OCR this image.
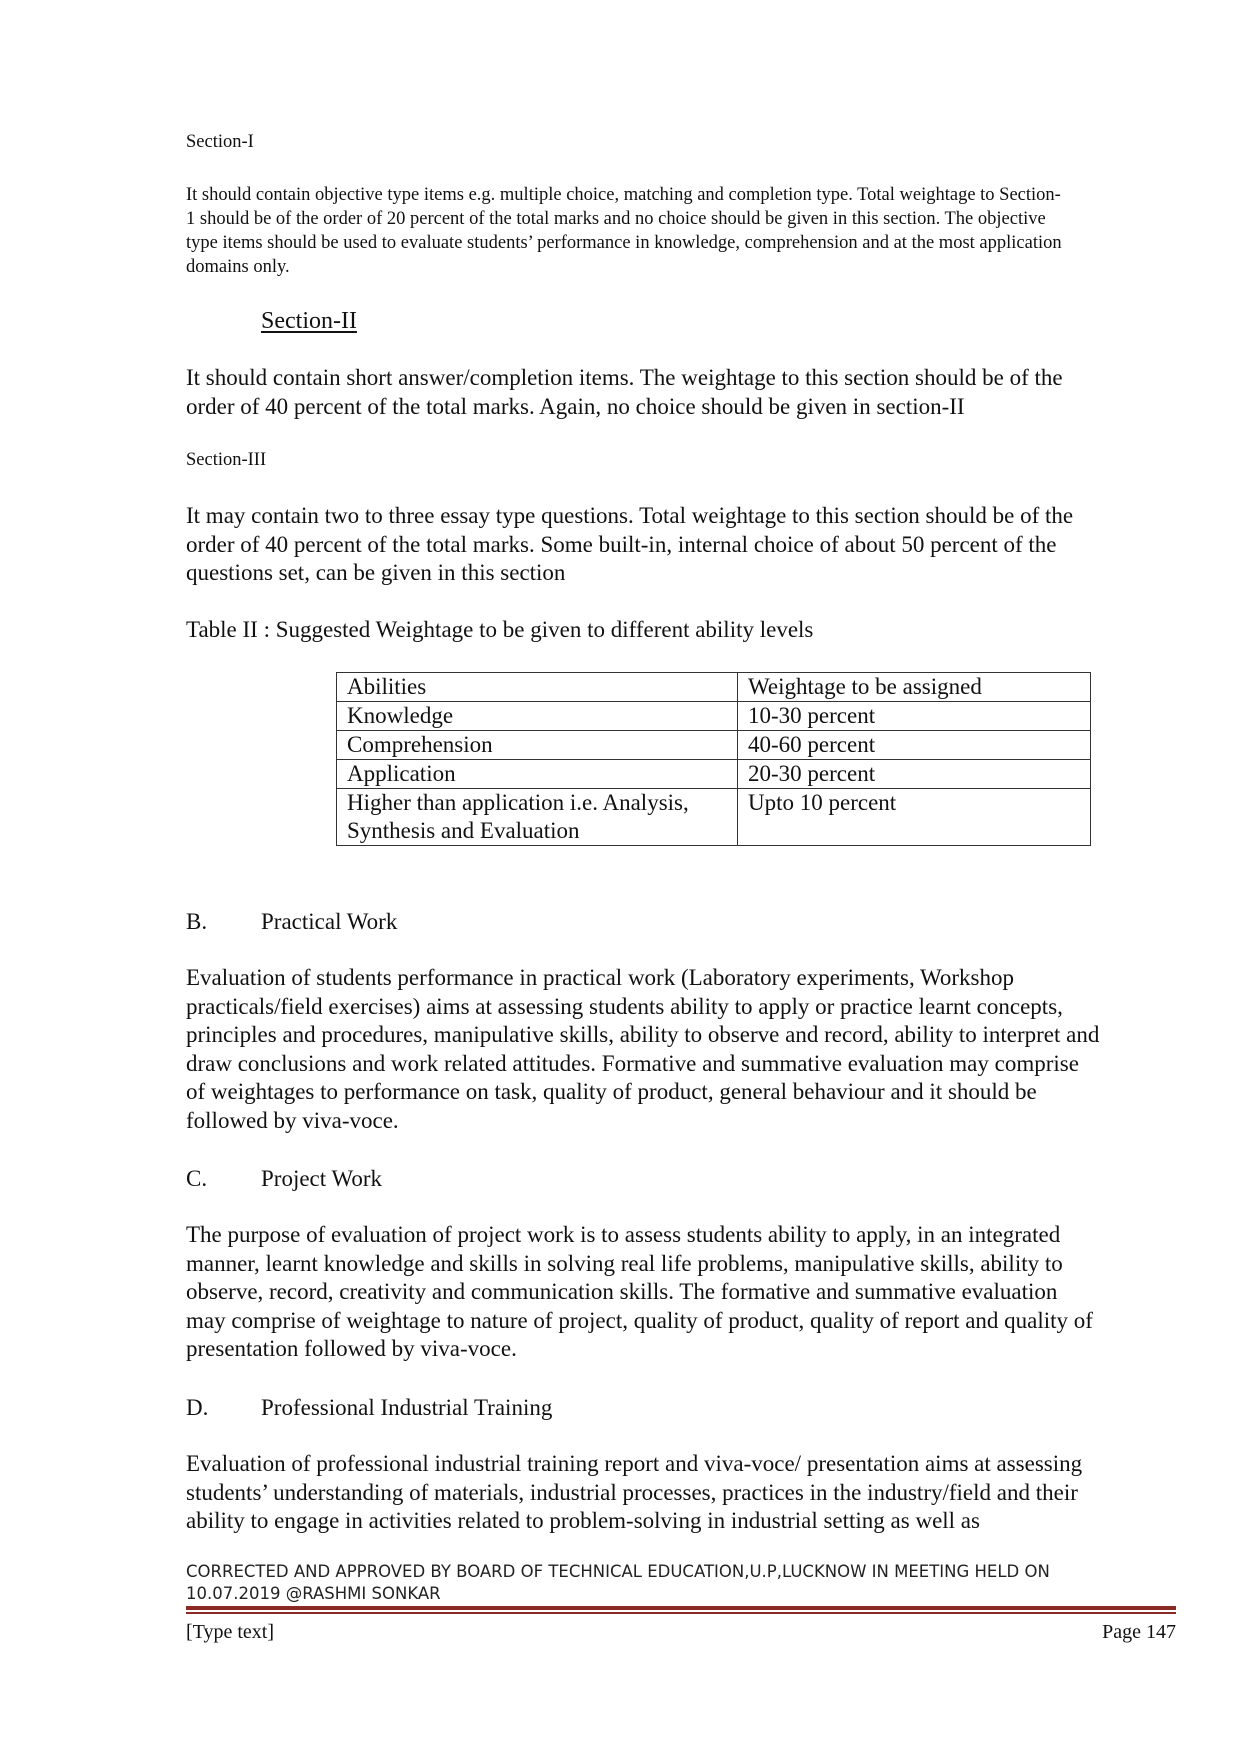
Section-I
It should contain objective type items e.g. multiple choice, matching and completion type. Total weightage to Section-
1 should be of the order of 20 percent of the total marks and no choice should be given in this section. The objective
type items should be used to evaluate students’ performance in knowledge, comprehension and at the most application
domains only.
Section-II
It should contain short answer/completion items. The weightage to this section should be of the
order of 40 percent of the total marks. Again, no choice should be given in section-II
Section-III
It may contain two to three essay type questions. Total weightage to this section should be of the
order of 40 percent of the total marks. Some built-in, internal choice of about 50 percent of the
questions set, can be given in this section
Table II : Suggested Weightage to be given to different ability levels
Abilities	Weightage to be assigned
Knowledge	10-30 percent
Comprehension	40-60 percent
Application	20-30 percent

Higher than application i.e. Analysis,
Synthesis and Evaluation	Upto 10 percent
B. Practical Work
Evaluation of students performance in practical work (Laboratory experiments, Workshop
practicals/field exercises) aims at assessing students ability to apply or practice learnt concepts,
principles and procedures, manipulative skills, ability to observe and record, ability to interpret and
draw conclusions and work related attitudes. Formative and summative evaluation may comprise
of weightages to performance on task, quality of product, general behaviour and it should be
followed by viva-voce.
C. Project Work
The purpose of evaluation of project work is to assess students ability to apply, in an integrated
manner, learnt knowledge and skills in solving real life problems, manipulative skills, ability to
observe, record, creativity and communication skills. The formative and summative evaluation
may comprise of weightage to nature of project, quality of product, quality of report and quality of
presentation followed by viva-voce.
D. Professional Industrial Training
Evaluation of professional industrial training report and viva-voce/ presentation aims at assessing
students’ understanding of materials, industrial processes, practices in the industry/field and their
ability to engage in activities related to problem-solving in industrial setting as well as
CORRECTED AND APPROVED BY BOARD OF TECHNICAL EDUCATION,U.P,LUCKNOW IN MEETING HELD ON
10.07.2019 @RASHMI SONKAR
[Type text]	Page 147
